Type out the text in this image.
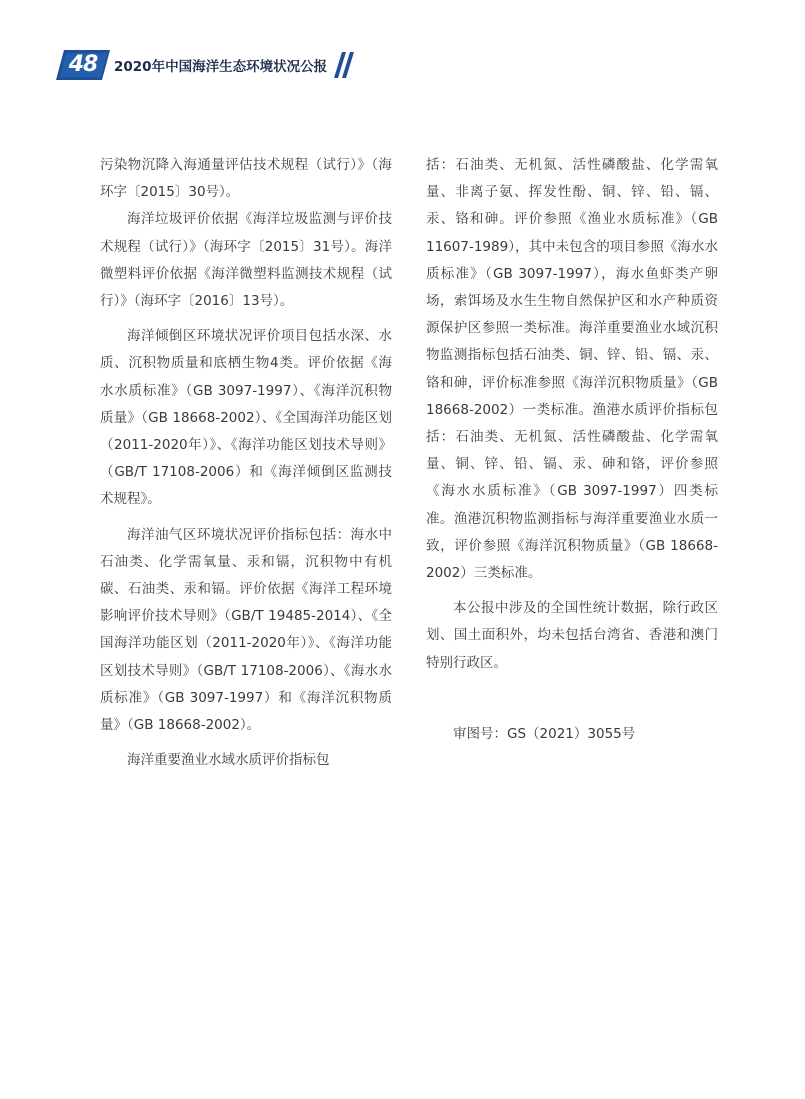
48	2020年中国海洋生态环境状况公报

污染物沉降入海通量评估技术规程（试行）》（海环字〔2015〕30号）。

海洋垃圾评价依据《海洋垃圾监测与评价技术规程（试行）》（海环字〔2015〕31号）。海洋微塑料评价依据《海洋微塑料监测技术规程（试行）》（海环字〔2016〕13号）。

海洋倾倒区环境状况评价项目包括水深、水质、沉积物质量和底栖生物4类。评价依据《海水水质标准》（GB 3097-1997）、《海洋沉积物质量》（GB 18668-2002）、《全国海洋功能区划（2011-2020年）》、《海洋功能区划技术导则》（GB/T 17108-2006）和《海洋倾倒区监测技术规程》。

海洋油气区环境状况评价指标包括：海水中石油类、化学需氧量、汞和镉，沉积物中有机碳、石油类、汞和镉。评价依据《海洋工程环境影响评价技术导则》（GB/T 19485-2014）、《全国海洋功能区划（2011-2020年）》、《海洋功能区划技术导则》（GB/T 17108-2006）、《海水水质标准》（GB 3097-1997）和《海洋沉积物质量》（GB 18668-2002）。

海洋重要渔业水域水质评价指标包

括：石油类、无机氮、活性磷酸盐、化学需氧量、非离子氨、挥发性酚、铜、锌、铅、镉、汞、铬和砷。评价参照《渔业水质标准》（GB 11607-1989），其中未包含的项目参照《海水水质标准》（GB 3097-1997），海水鱼虾类产卵场，索饵场及水生生物自然保护区和水产种质资源保护区参照一类标准。海洋重要渔业水域沉积物监测指标包括石油类、铜、锌、铅、镉、汞、铬和砷，评价标准参照《海洋沉积物质量》（GB 18668-2002）一类标准。渔港水质评价指标包括：石油类、无机氮、活性磷酸盐、化学需氧量、铜、锌、铅、镉、汞、砷和铬，评价参照《海水水质标准》（GB 3097-1997）四类标准。渔港沉积物监测指标与海洋重要渔业水质一致，评价参照《海洋沉积物质量》（GB 18668-2002）三类标准。

本公报中涉及的全国性统计数据，除行政区划、国土面积外，均未包括台湾省、香港和澳门特别行政区。

审图号：GS（2021）3055号
